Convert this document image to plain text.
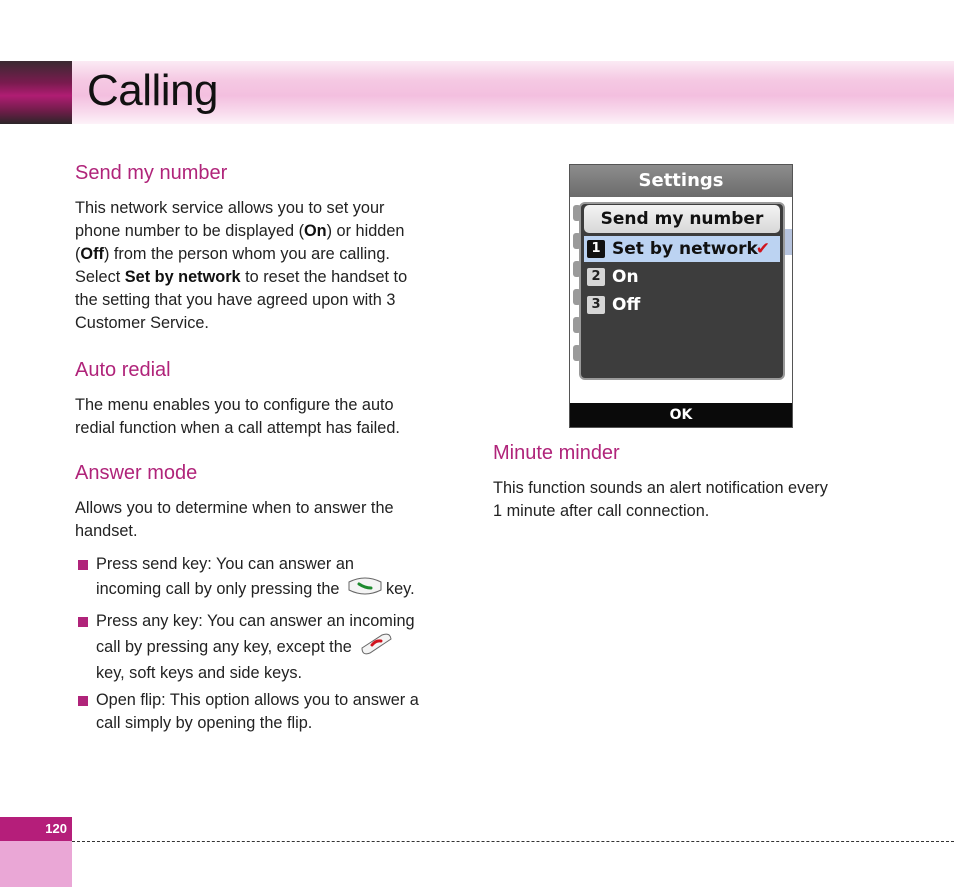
Calling
Send my number
This network service allows you to set your
phone number to be displayed (On) or hidden
(Off) from the person whom you are calling.
Select Set by network to reset the handset to
the setting that you have agreed upon with 3
Customer Service.
Auto redial
The menu enables you to configure the auto
redial function when a call attempt has failed.
Answer mode
Allows you to determine when to answer the
handset.
Press send key: You can answer an
incoming call by only pressing the	key.
Press any key: You can answer an incoming
call by pressing any key, except the
key, soft keys and side keys.
Open flip: This option allows you to answer a
call simply by opening the flip.
Settings
Send my number
1 Set by network
✔
2 On
3 Off
OK
Minute minder
This function sounds an alert notification every
1 minute after call connection.
120
